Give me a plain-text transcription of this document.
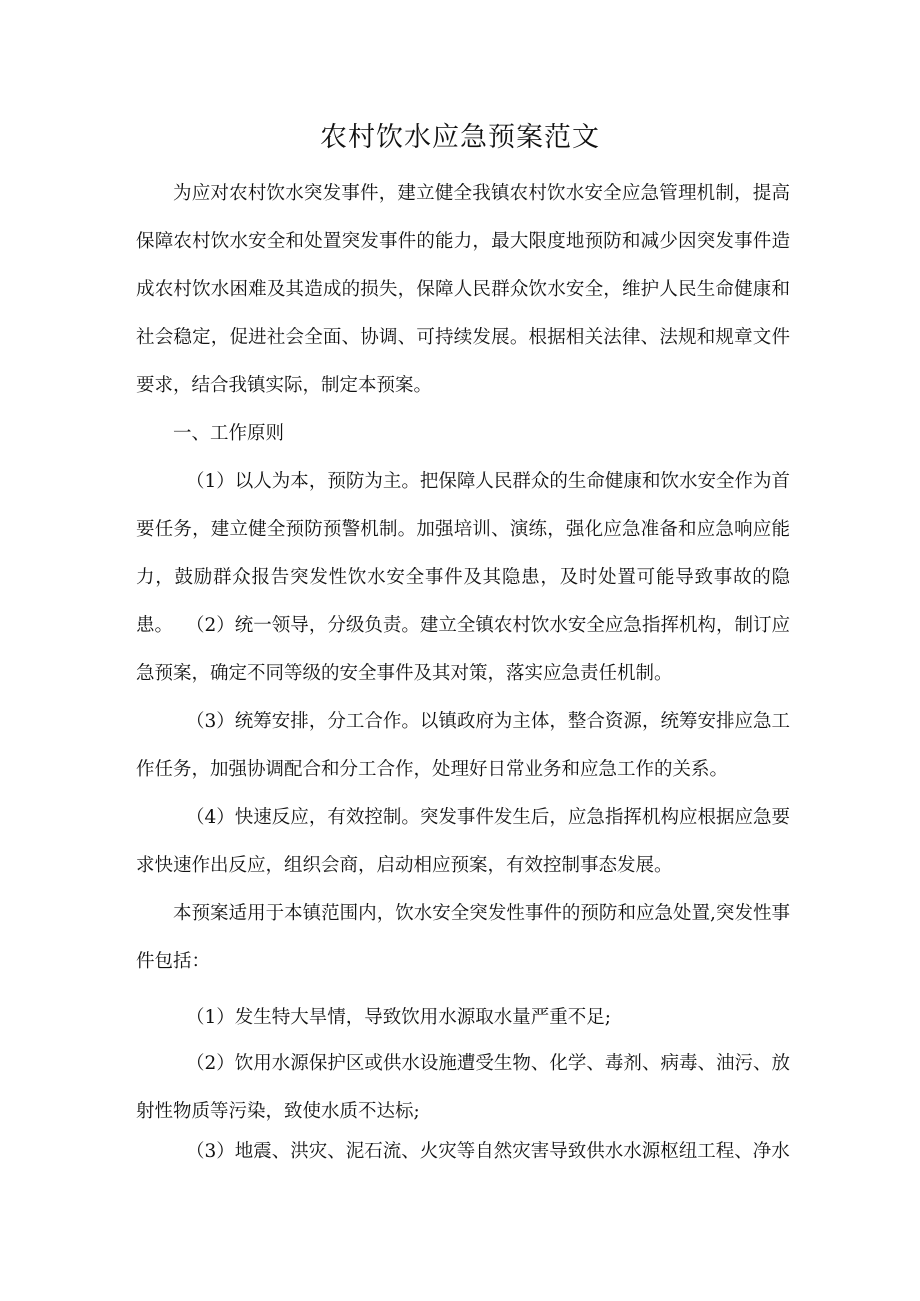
农村饮水应急预案范文

为应对农村饮水突发事件，建立健全我镇农村饮水安全应急管理机制，提高保障农村饮水安全和处置突发事件的能力，最大限度地预防和减少因突发事件造成农村饮水困难及其造成的损失，保障人民群众饮水安全，维护人民生命健康和社会稳定，促进社会全面、协调、可持续发展。根据相关法律、法规和规章文件要求，结合我镇实际，制定本预案。

一、工作原则

（1）以人为本，预防为主。把保障人民群众的生命健康和饮水安全作为首要任务，建立健全预防预警机制。加强培训、演练，强化应急准备和应急响应能力，鼓励群众报告突发性饮水安全事件及其隐患，及时处置可能导致事故的隐患。 （2）统一领导，分级负责。建立全镇农村饮水安全应急指挥机构，制订应急预案，确定不同等级的安全事件及其对策，落实应急责任机制。

（3）统筹安排，分工合作。以镇政府为主体，整合资源，统筹安排应急工作任务，加强协调配合和分工合作，处理好日常业务和应急工作的关系。

（4）快速反应，有效控制。突发事件发生后，应急指挥机构应根据应急要求快速作出反应，组织会商，启动相应预案，有效控制事态发展。

本预案适用于本镇范围内，饮水安全突发性事件的预防和应急处置,突发性事件包括：

（1）发生特大旱情，导致饮用水源取水量严重不足;

（2）饮用水源保护区或供水设施遭受生物、化学、毒剂、病毒、油污、放射性物质等污染，致使水质不达标;

（3）地震、洪灾、泥石流、火灾等自然灾害导致供水水源枢纽工程、净水
